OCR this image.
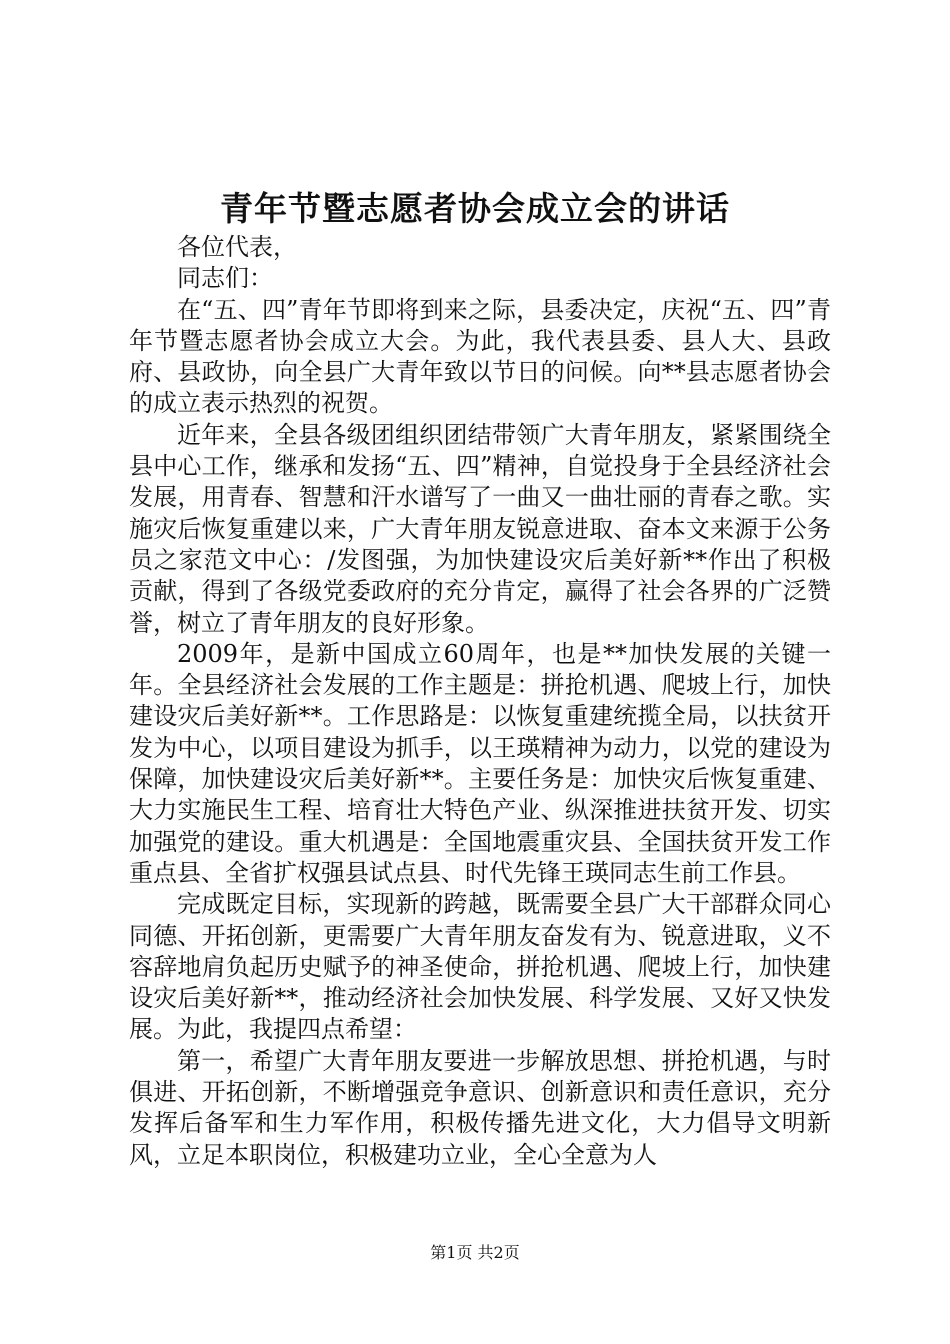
青年节暨志愿者协会成立会的讲话

各位代表，

同志们：

在“五、四”青年节即将到来之际，县委决定，庆祝“五、四”青年节暨志愿者协会成立大会。为此，我代表县委、县人大、县政府、县政协，向全县广大青年致以节日的问候。向**县志愿者协会的成立表示热烈的祝贺。

近年来，全县各级团组织团结带领广大青年朋友，紧紧围绕全县中心工作，继承和发扬“五、四”精神，自觉投身于全县经济社会发展，用青春、智慧和汗水谱写了一曲又一曲壮丽的青春之歌。实施灾后恢复重建以来，广大青年朋友锐意进取、奋本文来源于公务员之家范文中心：/发图强，为加快建设灾后美好新**作出了积极贡献，得到了各级党委政府的充分肯定，赢得了社会各界的广泛赞誉，树立了青年朋友的良好形象。

2009年，是新中国成立60周年，也是**加快发展的关键一年。全县经济社会发展的工作主题是：拼抢机遇、爬坡上行，加快建设灾后美好新**。工作思路是：以恢复重建统揽全局，以扶贫开发为中心，以项目建设为抓手，以王瑛精神为动力，以党的建设为保障，加快建设灾后美好新**。主要任务是：加快灾后恢复重建、大力实施民生工程、培育壮大特色产业、纵深推进扶贫开发、切实加强党的建设。重大机遇是：全国地震重灾县、全国扶贫开发工作重点县、全省扩权强县试点县、时代先锋王瑛同志生前工作县。

完成既定目标，实现新的跨越，既需要全县广大干部群众同心同德、开拓创新，更需要广大青年朋友奋发有为、锐意进取，义不容辞地肩负起历史赋予的神圣使命，拼抢机遇、爬坡上行，加快建设灾后美好新**，推动经济社会加快发展、科学发展、又好又快发展。为此，我提四点希望：

第一，希望广大青年朋友要进一步解放思想、拼抢机遇，与时俱进、开拓创新，不断增强竞争意识、创新意识和责任意识，充分发挥后备军和生力军作用，积极传播先进文化，大力倡导文明新风，立足本职岗位，积极建功立业，全心全意为人

第1页 共2页
